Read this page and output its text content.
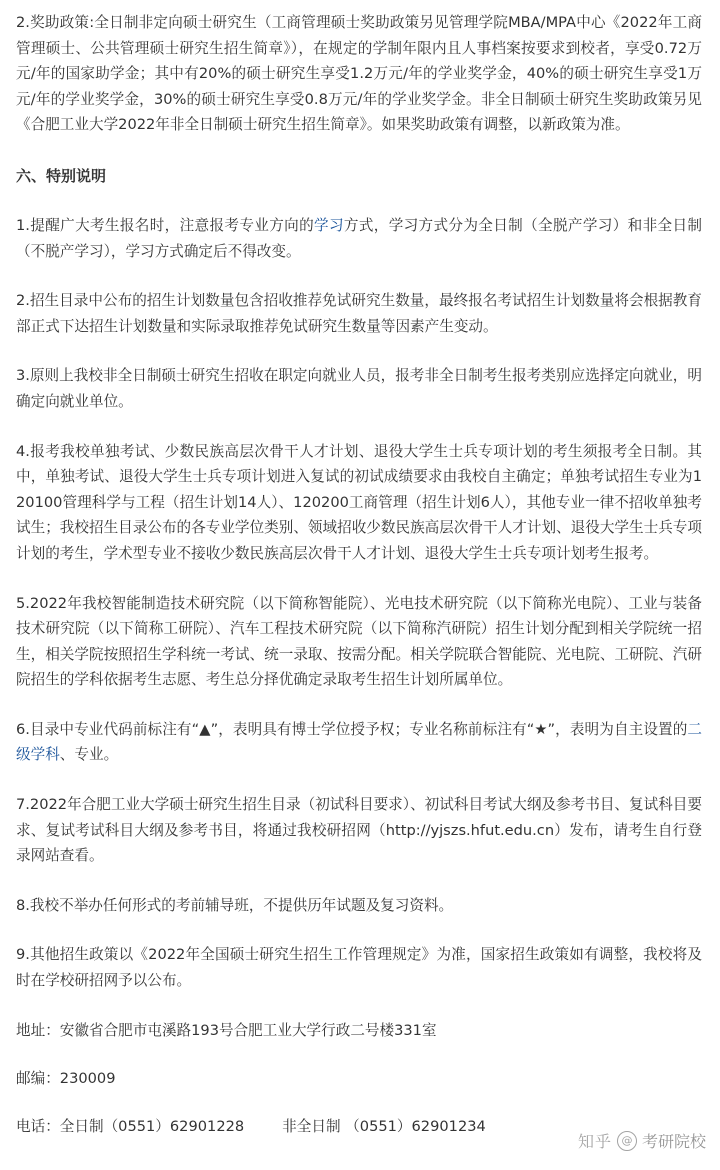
2.奖助政策:全日制非定向硕士研究生（工商管理硕士奖助政策另见管理学院MBA/MPA中心《2022年工商管理硕士、公共管理硕士研究生招生简章》），在规定的学制年限内且人事档案按要求到校者，享受0.72万元/年的国家助学金；其中有20%的硕士研究生享受1.2万元/年的学业奖学金，40%的硕士研究生享受1万元/年的学业奖学金，30%的硕士研究生享受0.8万元/年的学业奖学金。非全日制硕士研究生奖助政策另见《合肥工业大学2022年非全日制硕士研究生招生简章》。如果奖助政策有调整，以新政策为准。

六、特别说明

1.提醒广大考生报名时，注意报考专业方向的学习方式，学习方式分为全日制（全脱产学习）和非全日制（不脱产学习），学习方式确定后不得改变。

2.招生目录中公布的招生计划数量包含招收推荐免试研究生数量，最终报名考试招生计划数量将会根据教育部正式下达招生计划数量和实际录取推荐免试研究生数量等因素产生变动。

3.原则上我校非全日制硕士研究生招收在职定向就业人员，报考非全日制考生报考类别应选择定向就业，明确定向就业单位。

4.报考我校单独考试、少数民族高层次骨干人才计划、退役大学生士兵专项计划的考生须报考全日制。其中，单独考试、退役大学生士兵专项计划进入复试的初试成绩要求由我校自主确定；单独考试招生专业为120100管理科学与工程（招生计划14人）、120200工商管理（招生计划6人），其他专业一律不招收单独考试生；我校招生目录公布的各专业学位类别、领域招收少数民族高层次骨干人才计划、退役大学生士兵专项计划的考生，学术型专业不接收少数民族高层次骨干人才计划、退役大学生士兵专项计划考生报考。

5.2022年我校智能制造技术研究院（以下简称智能院）、光电技术研究院（以下简称光电院）、工业与装备技术研究院（以下简称工研院）、汽车工程技术研究院（以下简称汽研院）招生计划分配到相关学院统一招生，相关学院按照招生学科统一考试、统一录取、按需分配。相关学院联合智能院、光电院、工研院、汽研院招生的学科依据考生志愿、考生总分择优确定录取考生招生计划所属单位。

6.目录中专业代码前标注有“▲”，表明具有博士学位授予权；专业名称前标注有“★”，表明为自主设置的二级学科、专业。

7.2022年合肥工业大学硕士研究生招生目录（初试科目要求）、初试科目考试大纲及参考书目、复试科目要求、复试考试科目大纲及参考书目，将通过我校研招网（http://yjszs.hfut.edu.cn）发布，请考生自行登录网站查看。

8.我校不举办任何形式的考前辅导班，不提供历年试题及复习资料。

9.其他招生政策以《2022年全国硕士研究生招生工作管理规定》为准，国家招生政策如有调整，我校将及时在学校研招网予以公布。

地址：安徽省合肥市屯溪路193号合肥工业大学行政二号楼331室

邮编：230009

电话：全日制（0551）62901228	非全日制 （0551）62901234

知乎 @ 考研院校
